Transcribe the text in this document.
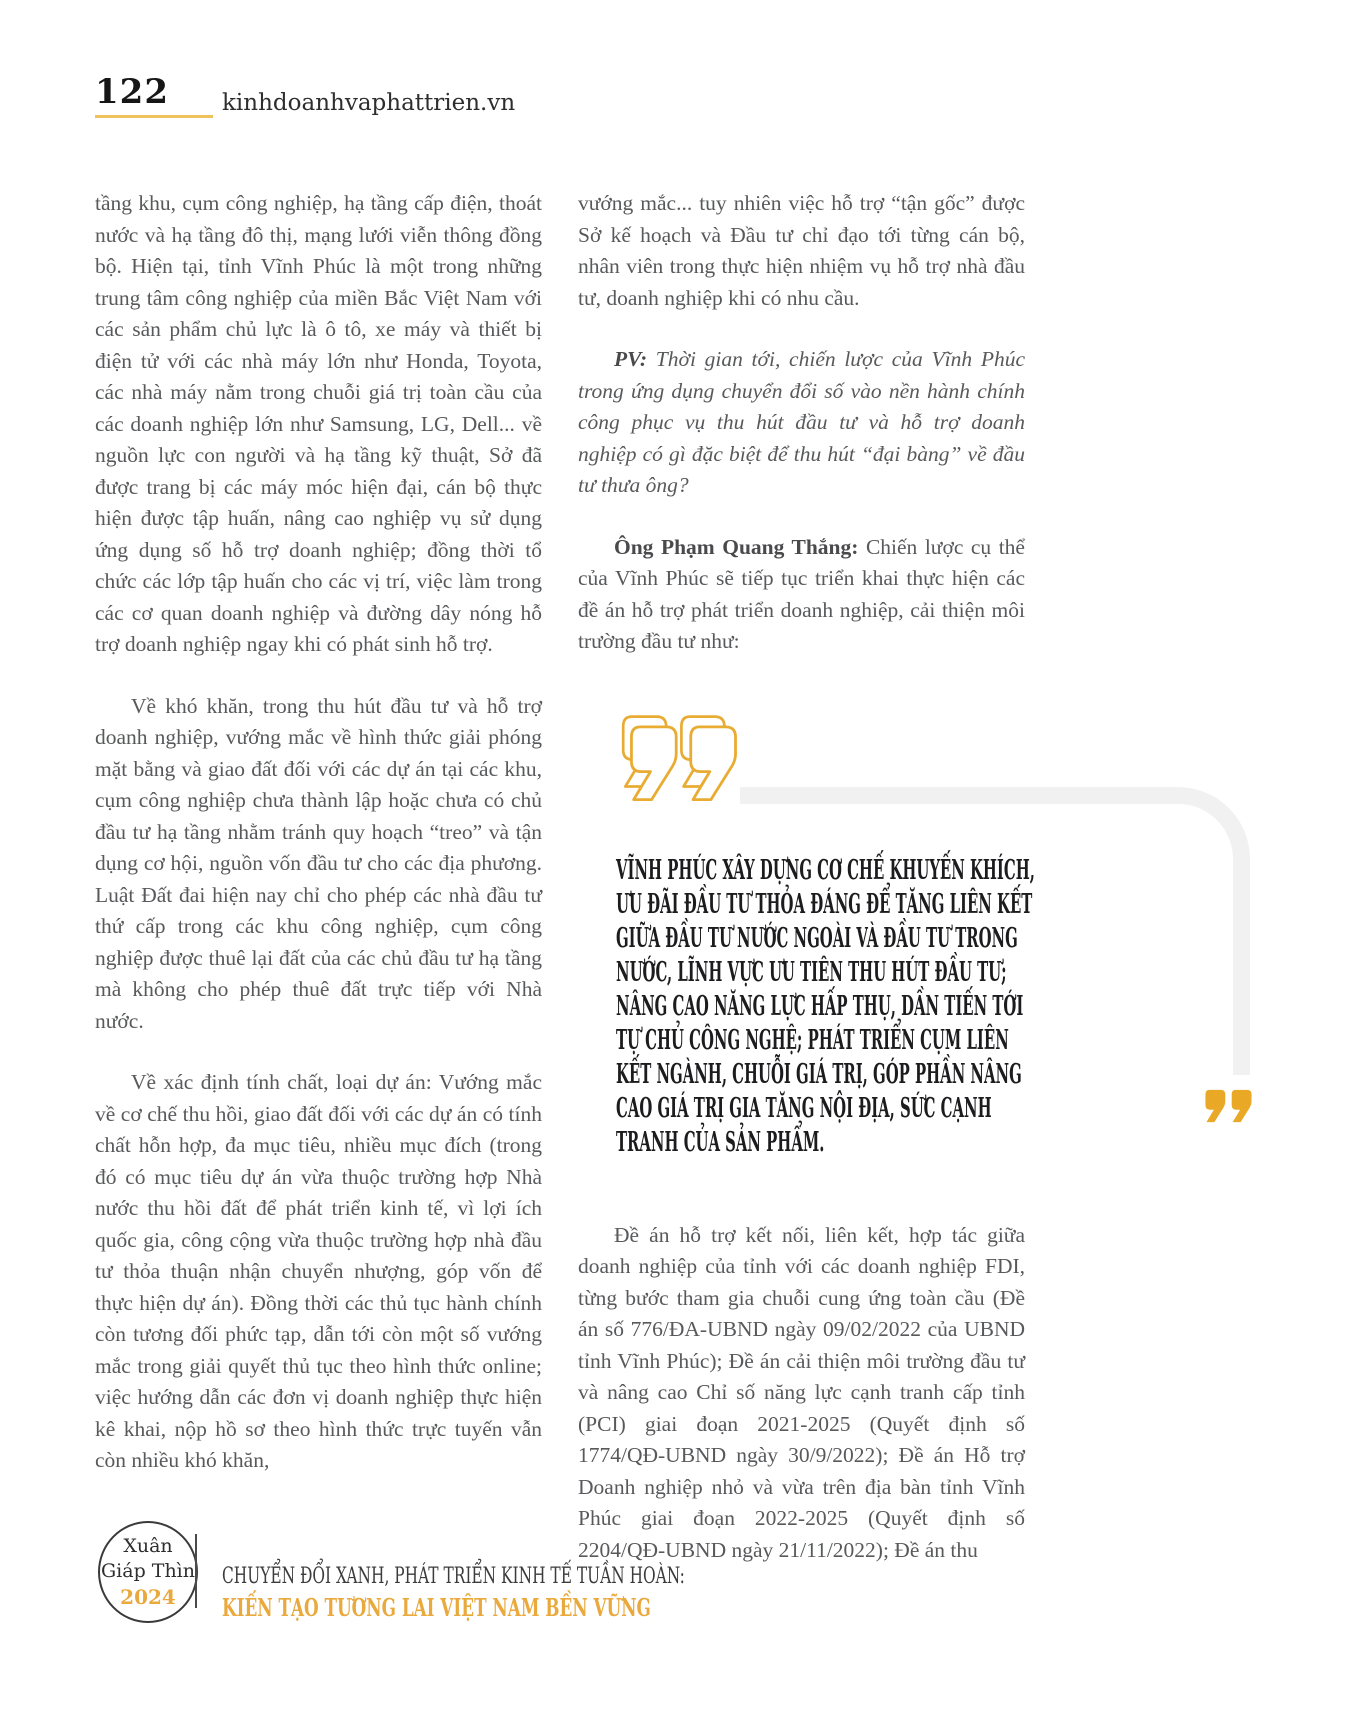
122 kinhdoanhvaphattrien.vn

tầng khu, cụm công nghiệp, hạ tầng cấp điện, thoát nước và hạ tầng đô thị, mạng lưới viễn thông đồng bộ. Hiện tại, tỉnh Vĩnh Phúc là một trong những trung tâm công nghiệp của miền Bắc Việt Nam với các sản phẩm chủ lực là ô tô, xe máy và thiết bị điện tử với các nhà máy lớn như Honda, Toyota, các nhà máy nằm trong chuỗi giá trị toàn cầu của các doanh nghiệp lớn như Samsung, LG, Dell... về nguồn lực con người và hạ tầng kỹ thuật, Sở đã được trang bị các máy móc hiện đại, cán bộ thực hiện được tập huấn, nâng cao nghiệp vụ sử dụng ứng dụng số hỗ trợ doanh nghiệp; đồng thời tổ chức các lớp tập huấn cho các vị trí, việc làm trong các cơ quan doanh nghiệp và đường dây nóng hỗ trợ doanh nghiệp ngay khi có phát sinh hỗ trợ.

Về khó khăn, trong thu hút đầu tư và hỗ trợ doanh nghiệp, vướng mắc về hình thức giải phóng mặt bằng và giao đất đối với các dự án tại các khu, cụm công nghiệp chưa thành lập hoặc chưa có chủ đầu tư hạ tầng nhằm tránh quy hoạch “treo” và tận dụng cơ hội, nguồn vốn đầu tư cho các địa phương. Luật Đất đai hiện nay chỉ cho phép các nhà đầu tư thứ cấp trong các khu công nghiệp, cụm công nghiệp được thuê lại đất của các chủ đầu tư hạ tầng mà không cho phép thuê đất trực tiếp với Nhà nước.

Về xác định tính chất, loại dự án: Vướng mắc về cơ chế thu hồi, giao đất đối với các dự án có tính chất hỗn hợp, đa mục tiêu, nhiều mục đích (trong đó có mục tiêu dự án vừa thuộc trường hợp Nhà nước thu hồi đất để phát triển kinh tế, vì lợi ích quốc gia, công cộng vừa thuộc trường hợp nhà đầu tư thỏa thuận nhận chuyển nhượng, góp vốn để thực hiện dự án). Đồng thời các thủ tục hành chính còn tương đối phức tạp, dẫn tới còn một số vướng mắc trong giải quyết thủ tục theo hình thức online; việc hướng dẫn các đơn vị doanh nghiệp thực hiện kê khai, nộp hồ sơ theo hình thức trực tuyến vẫn còn nhiều khó khăn,

vướng mắc... tuy nhiên việc hỗ trợ “tận gốc” được Sở kế hoạch và Đầu tư chỉ đạo tới từng cán bộ, nhân viên trong thực hiện nhiệm vụ hỗ trợ nhà đầu tư, doanh nghiệp khi có nhu cầu.

PV: Thời gian tới, chiến lược của Vĩnh Phúc trong ứng dụng chuyển đổi số vào nền hành chính công phục vụ thu hút đầu tư và hỗ trợ doanh nghiệp có gì đặc biệt để thu hút “đại bàng” về đầu tư thưa ông?

Ông Phạm Quang Thắng: Chiến lược cụ thể của Vĩnh Phúc sẽ tiếp tục triển khai thực hiện các đề án hỗ trợ phát triển doanh nghiệp, cải thiện môi trường đầu tư như:

VĨNH PHÚC XÂY DỰNG CƠ CHẾ KHUYẾN KHÍCH, ƯU ĐÃI ĐẦU TƯ THỎA ĐÁNG ĐỂ TĂNG LIÊN KẾT GIỮA ĐẦU TƯ NƯỚC NGOÀI VÀ ĐẦU TƯ TRONG NƯỚC, LĨNH VỰC ƯU TIÊN THU HÚT ĐẦU TƯ; NÂNG CAO NĂNG LỰC HẤP THỤ, DẦN TIẾN TỚI TỰ CHỦ CÔNG NGHỆ; PHÁT TRIỂN CỤM LIÊN KẾT NGÀNH, CHUỖI GIÁ TRỊ, GÓP PHẦN NÂNG CAO GIÁ TRỊ GIA TĂNG NỘI ĐỊA, SỨC CẠNH TRANH CỦA SẢN PHẨM.

Đề án hỗ trợ kết nối, liên kết, hợp tác giữa doanh nghiệp của tỉnh với các doanh nghiệp FDI, từng bước tham gia chuỗi cung ứng toàn cầu (Đề án số 776/ĐA-UBND ngày 09/02/2022 của UBND tỉnh Vĩnh Phúc); Đề án cải thiện môi trường đầu tư và nâng cao Chỉ số năng lực cạnh tranh cấp tỉnh (PCI) giai đoạn 2021-2025 (Quyết định số 1774/QĐ-UBND ngày 30/9/2022); Đề án Hỗ trợ Doanh nghiệp nhỏ và vừa trên địa bàn tỉnh Vĩnh Phúc giai đoạn 2022-2025 (Quyết định số 2204/QĐ-UBND ngày 21/11/2022); Đề án thu

Xuân
Giáp Thìn
2024
CHUYỂN ĐỔI XANH, PHÁT TRIỂN KINH TẾ TUẦN HOÀN:
KIẾN TẠO TƯƠNG LAI VIỆT NAM BỀN VỮNG
